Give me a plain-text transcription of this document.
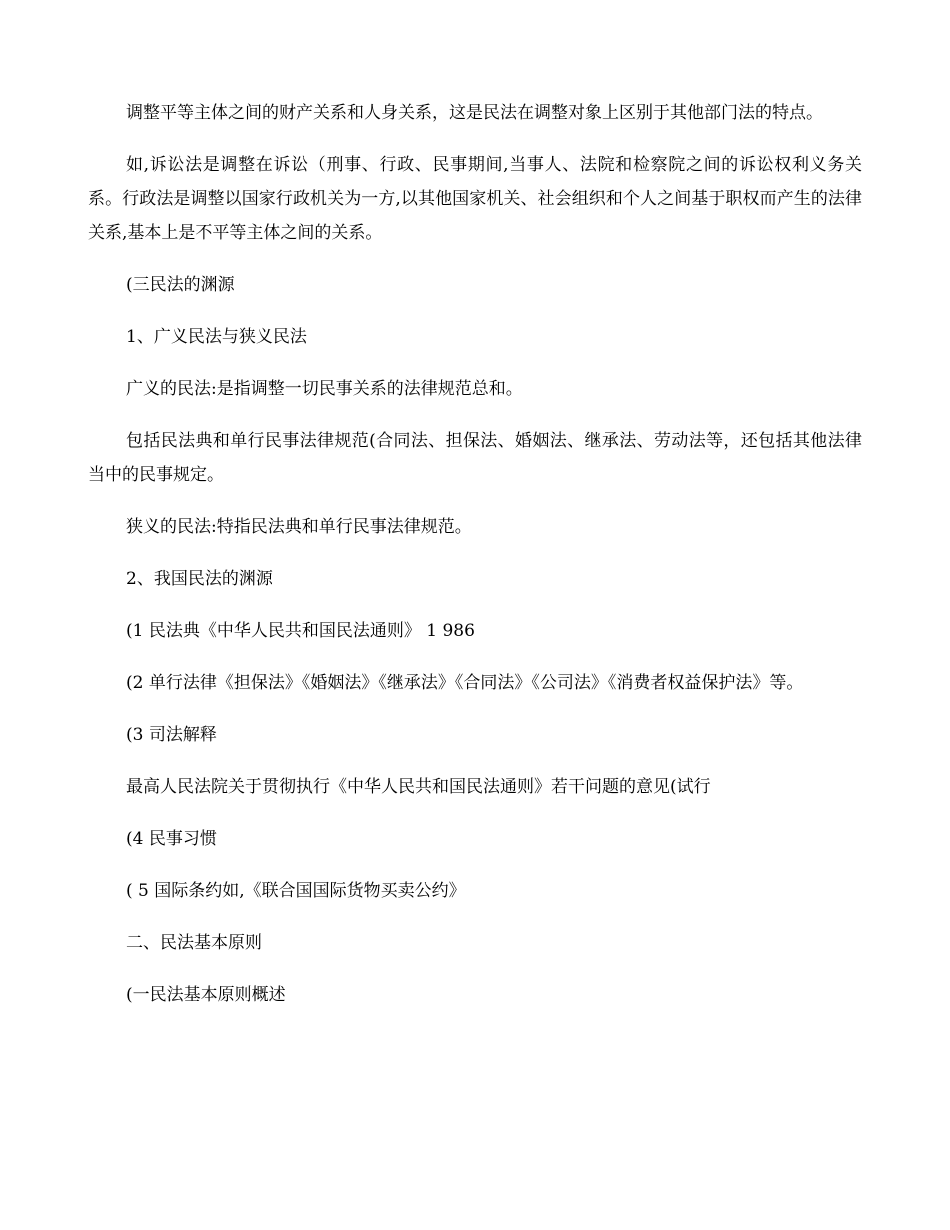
调整平等主体之间的财产关系和人身关系，这是民法在调整对象上区别于其他部门法的特点。

如,诉讼法是调整在诉讼（刑事、行政、民事期间,当事人、法院和检察院之间的诉讼权利义务关系。行政法是调整以国家行政机关为一方,以其他国家机关、社会组织和个人之间基于职权而产生的法律关系,基本上是不平等主体之间的关系。

(三民法的渊源

1、广义民法与狭义民法

广义的民法:是指调整一切民事关系的法律规范总和。

包括民法典和单行民事法律规范(合同法、担保法、婚姻法、继承法、劳动法等，还包括其他法律当中的民事规定。

狭义的民法:特指民法典和单行民事法律规范。

2、我国民法的渊源

(1 民法典《中华人民共和国民法通则》 1 986

(2 单行法律《担保法》《婚姻法》《继承法》《合同法》《公司法》《消费者权益保护法》等。

(3 司法解释

最高人民法院关于贯彻执行《中华人民共和国民法通则》若干问题的意见(试行

(4 民事习惯

( 5 国际条约如,《联合国国际货物买卖公约》

二、民法基本原则

(一民法基本原则概述
